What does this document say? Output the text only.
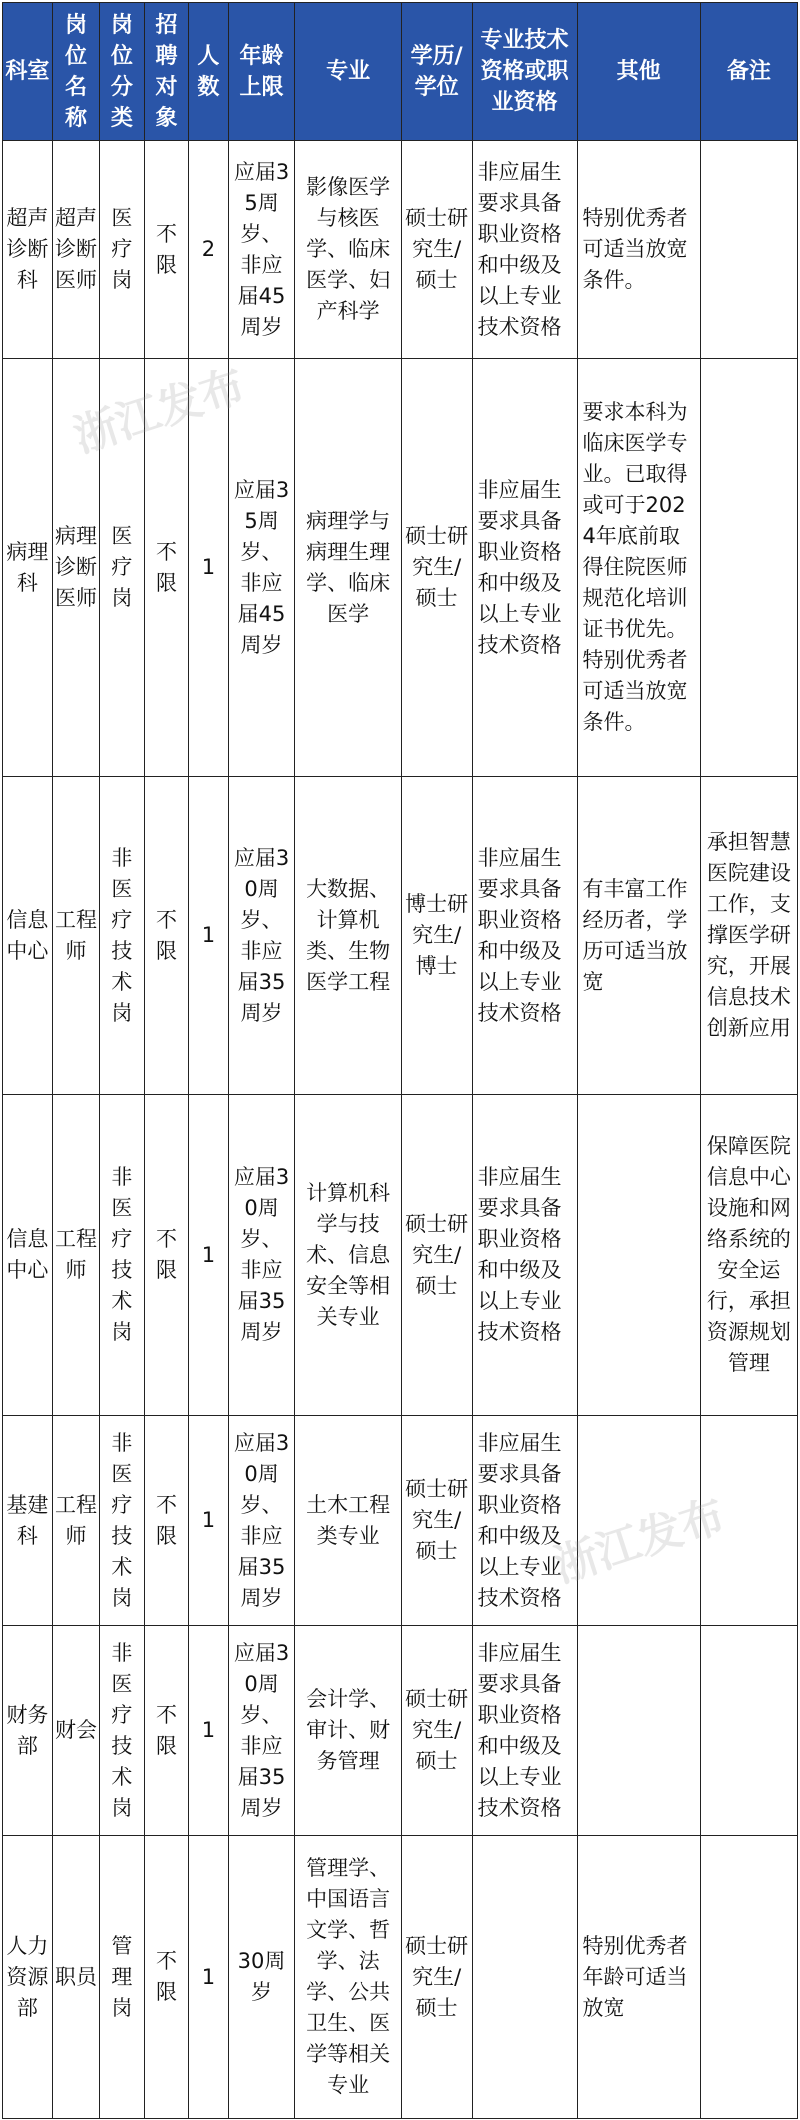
科室	岗位名称	岗位分类	招聘对象	人数	年龄上限	专业	学历/学位	专业技术资格或职业资格	其他	备注
超声诊断科	超声诊断医师	医疗岗	不限	2	应届35周岁、非应届45周岁	影像医学与核医学、临床医学、妇产科学	硕士研究生/硕士	非应届生要求具备职业资格和中级及以上专业技术资格	特别优秀者可适当放宽条件。	
病理科	病理诊断医师	医疗岗	不限	1	应届35周岁、非应届45周岁	病理学与病理生理学、临床医学	硕士研究生/硕士	非应届生要求具备职业资格和中级及以上专业技术资格	要求本科为临床医学专业。已取得或可于2024年底前取得住院医师规范化培训证书优先。特别优秀者可适当放宽条件。	
信息中心	工程师	非医疗技术岗	不限	1	应届30周岁、非应届35周岁	大数据、计算机类、生物医学工程	博士研究生/博士	非应届生要求具备职业资格和中级及以上专业技术资格	有丰富工作经历者，学历可适当放宽	承担智慧医院建设工作，支撑医学研究，开展信息技术创新应用
信息中心	工程师	非医疗技术岗	不限	1	应届30周岁、非应届35周岁	计算机科学与技术、信息安全等相关专业	硕士研究生/硕士	非应届生要求具备职业资格和中级及以上专业技术资格		保障医院信息中心设施和网络系统的安全运行，承担资源规划管理
基建科	工程师	非医疗技术岗	不限	1	应届30周岁、非应届35周岁	土木工程类专业	硕士研究生/硕士	非应届生要求具备职业资格和中级及以上专业技术资格		
财务部	财会	非医疗技术岗	不限	1	应届30周岁、非应届35周岁	会计学、审计、财务管理	硕士研究生/硕士	非应届生要求具备职业资格和中级及以上专业技术资格		
人力资源部	职员	管理岗	不限	1	30周岁	管理学、中国语言文学、哲学、法学、公共卫生、医学等相关专业	硕士研究生/硕士		特别优秀者年龄可适当放宽	
浙江发布
浙江发布
